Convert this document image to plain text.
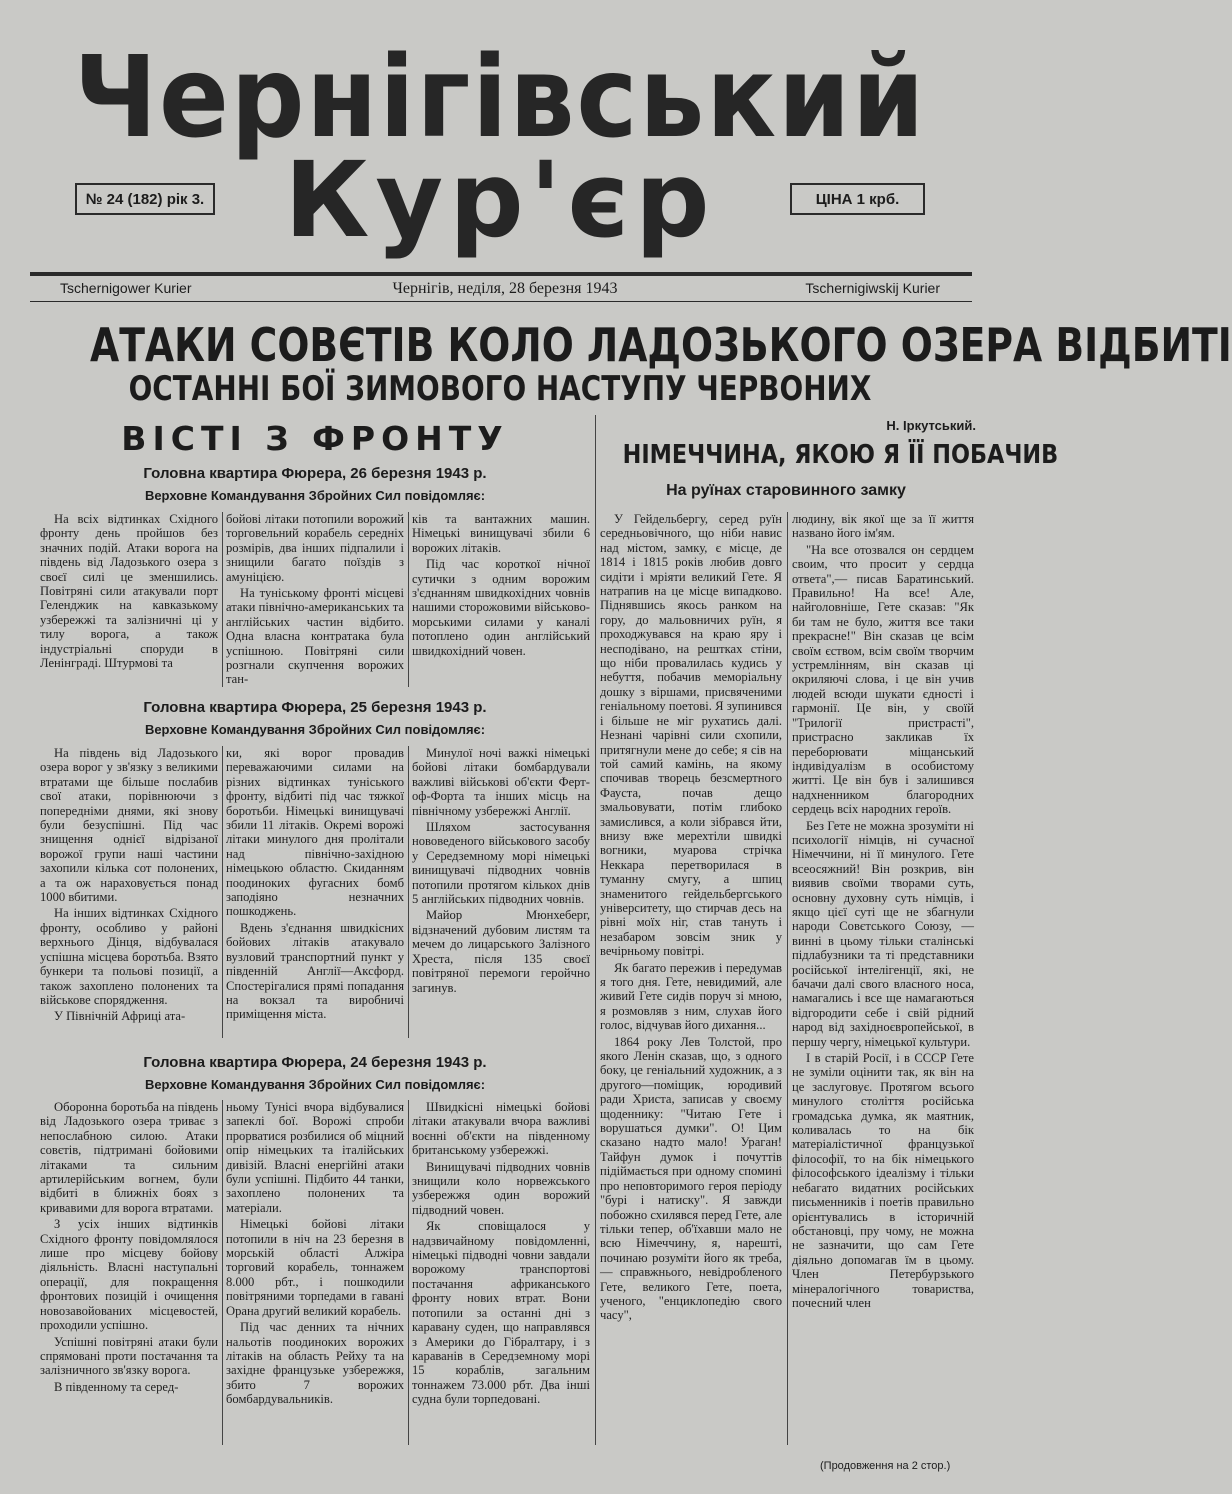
Чернігівський
№ 24 (182) рік 3. Кур'єр	ЦІНА 1 крб.
Tschernigower Kurier	Чернігів, неділя, 28 березня 1943	Tschernigiwskij Kurier
АТАКИ СОВЄТІВ КОЛО ЛАДОЗЬКОГО ОЗЕРА ВІДБИТІ
ОСТАННІ БОЇ ЗИМОВОГО НАСТУПУ ЧЕРВОНИХ
ВІСТІ З ФРОНТУ
Головна квартира Фюрера, 26 березня 1943 р.
Верховне Командування Збройних Сил повідомляє:

На всіх відтинках Східного фронту день пройшов без значних подій. Атаки ворога на південь від Ладозького озера з своєї силі це зменшились. Повітряні сили атакували порт Геленджик на кавказькому узбережжі та залізничні ці у тилу ворога, а також індустріальні споруди в Ленінграді. Штурмові та

бойові літаки потопили ворожий торговельний корабель середніх розмірів, два інших підпалили і знищили багато поїздів з амуніцією.

На тунiському фронті місцеві атаки північно-американських та англійських частин відбито. Одна власна контратака була успішною. Повітряні сили розгнали скупчення ворожих тан-

ків та вантажних машин. Німецькі винищувачі збили 6 ворожих літаків.

Під час короткої нічної сутички з одним ворожим з'єднанням швидкохідних човнів нашими сторожовими військово-морськими силами у каналі потоплено один англійський швидкохідний човен.

Головна квартира Фюрера, 25 березня 1943 р.
Верховне Командування Збройних Сил повідомляє:

На південь від Ладозького озера ворог у зв'язку з великими втратами ще більше послабив свої атаки, порівнюючи з попередніми днями, які знову були безуспішні. Під час знищення однієї відрізаної ворожої групи наші частини захопили кілька сот полонених, а та ож нараховується понад 1000 вбитими.

На інших відтинках Східного фронту, особливо у районі верхнього Дінця, відбувалася успішна місцева боротьба. Взято бункери та польові позиції, а також захоплено полонених та військове спорядження.

У Північній Африці ата-

ки, які ворог провадив переважаючими силами на різних відтинках тунiського фронту, відбиті під час тяжкої боротьби. Німецькі винищувачі збили 11 літаків. Окремі ворожі літаки минулого дня пролітали над північно-західною німецькою областю. Скиданням поодиноких фугасних бомб заподіяно незначних пошкоджень.

Вдень з'єднання швидкісних бойових літаків атакувало вузловий транспортний пункт у південній Англії—Аксфорд. Спостерігалися прямі попадання на вокзал та виробничі приміщення міста.

Минулої ночі важкі німецькі бойові літаки бомбардували важливі військові об'єкти Ферт-оф-Форта та інших місць на північному узбережжі Англії.

Шляхом застосування нововеденого військового засобу у Середземному морі німецькі винищувачі підводних човнів потопили протягом кількох днів 5 англійських підводних човнів.

Майор Мюнхеберг, відзначений дубовим листям та мечем до лицарського Залізного Хреста, після 135 своєї повітряної перемоги геройчно загинув.

Головна квартира Фюрера, 24 березня 1943 р.
Верховне Командування Збройних Сил повідомляє:

Оборонна боротьба на південь від Ладозького озера триває з непослабною силою. Атаки совєтів, підтримані бойовими літаками та сильним артилерійським вогнем, були відбиті в ближніх боях з кривавими для ворога втратами.

З усіх інших відтинків Східного фронту повідомлялося лише про місцеву бойову діяльність. Власні наступальні операції, для покращення фронтових позицій і очищення новозавойованих місцевостей, проходили успішно.

Успішні повітряні атаки були спрямовані проти постачання та залізничного зв'язку ворога.

В південному та серед-

ньому Тунісі вчора відбувалися запеклі бої. Ворожі спроби прорватися розбилися об міцний опір німецьких та італійських дивізій. Власні енергійні атаки були успішні. Підбито 44 танки, захоплено полонених та матеріали.

Німецькі бойові літаки потопили в ніч на 23 березня в морській області Алжіра торговий корабель, тоннажем 8.000 рбт., і пошкодили повітряними торпедами в гавані Орана другий великий корабель.

Під час денних та нічних нальотів поодиноких ворожих літаків на область Рейху та на західне французьке узбережжя, збито 7 ворожих бомбардувальників.

Швидкісні німецькі бойові літаки атакували вчора важливі воєнні об'єкти на південному британському узбережжі.

Винищувачі підводних човнів знищили коло норвежського узбережжя один ворожий підводний човен.

Як сповіщалося у надзвичайному повідомленні, німецькі підводні човни завдали ворожому транспортові постачання африканського фронту нових втрат. Вони потопили за останні дні з каравану суден, що направлявся з Америки до Гібралтару, і з караванів в Середземному морі 15 кораблів, загальним тоннажем 73.000 рбт. Два інші судна були торпедовані.

Н. Іркутський.
НІМЕЧЧИНА, ЯКОЮ Я ЇЇ ПОБАЧИВ
На руїнах старовинного замку

У Гейдельбергу, серед руїн середньовічного, що ніби навис над містом, замку, є місце, де 1814 і 1815 років любив довго сидіти і мріяти великий Гете. Я натрапив на це місце випадково. Піднявшись якось ранком на гору, до мальовничих руїн, я проходжувався на краю яру і несподівано, на рештках стіни, що ніби провалилась кудись у небуття, побачив меморіальну дошку з віршами, присвяченими геніальному поетові. Я зупинився і більше не міг рухатись далі. Незнані чарівні сили схопили, притягнули мене до себе; я сів на той самий камінь, на якому спочивав творець безсмертного Фауста, почав дещо змальовувати, потім глибоко замислився, а коли зібрався йти, внизу вже мерехтіли швидкі вогники, муарова стрічка Неккара перетворилася в туманну смугу, а шпиц знаменитого гейдельбергського університету, що стирчав десь на рівні моїх ніг, став тануть і незабаром зовсім зник у вечірньому повітрі.

Як багато пережив і передумав я того дня. Гете, невидимий, але живий Гете сидів поруч зі мною, я розмовляв з ним, слухав його голос, відчував його дихання...

1864 року Лев Толстой, про якого Ленін сказав, що, з одного боку, це геніальний художник, а з другого—поміщик, юродивий ради Христа, записав у своєму щоденнику: "Читаю Гете і ворушаться думки". О! Цим сказано надто мало! Ураган! Тайфун думок і почуттів підіймається при одному спомині про неповторимого героя періоду "бурі і натиску". Я завжди побожно схилявся перед Гете, але тільки тепер, об'їхавши мало не всю Німеччину, я, нарешті, починаю розуміти його як треба,— справжнього, невідробленого Гете, великого Гете, поета, ученого, "енциклопедію свого часу",

людину, вік якої ще за її життя названо його ім'ям.

"На все отозвался он сердцем своим, что просит у сердца ответа",— писав Баратинський. Правильно! На все! Але, найголовніше, Гете сказав: "Як би там не було, життя все таки прекрасне!" Він сказав це всім своїм єством, всім своїм творчим устремлінням, він сказав ці окриляючі слова, і це він учив людей всюди шукати єдності і гармонії. Це він, у своїй "Трилогії пристрасті", пристрасно закликав їх переборювати міщанський індивідуалізм в особистому житті. Це він був і залишився надхненником благородних сердець всіх народних героїв.

Без Гете не можна зрозуміти ні психології німців, ні сучасної Німеччини, ні її минулого. Гете всеосяжний! Він розкрив, він виявив своїми творами суть, основну духовну суть німців, і якщо цієї суті ще не збагнули народи Совєтського Союзу, — винні в цьому тільки сталінські підлабузники та ті представники російської інтелігенції, які, не бачачи далі свого власного носа, намагались і все ще намагаються відгородити себе і свій рідний народ від західноєвропейської, в першу чергу, німецької культури.

І в старій Росії, і в СССР Гете не зуміли оцінити так, як він на це заслуговує. Протягом всього минулого століття російська громадська думка, як маятник, коливалась то на бік матеріалістичної французької філософії, то на бік німецького філософського ідеалізму і тільки небагато видатних російських письменників і поетів правильно орієнтувались в історичній обстановці, пру чому, не можна не зазначити, що сам Гете діяльно допомагав їм в цьому. Член Петербурзького мінералогічного товариства, почесний член

(Продовження на 2 стор.)
